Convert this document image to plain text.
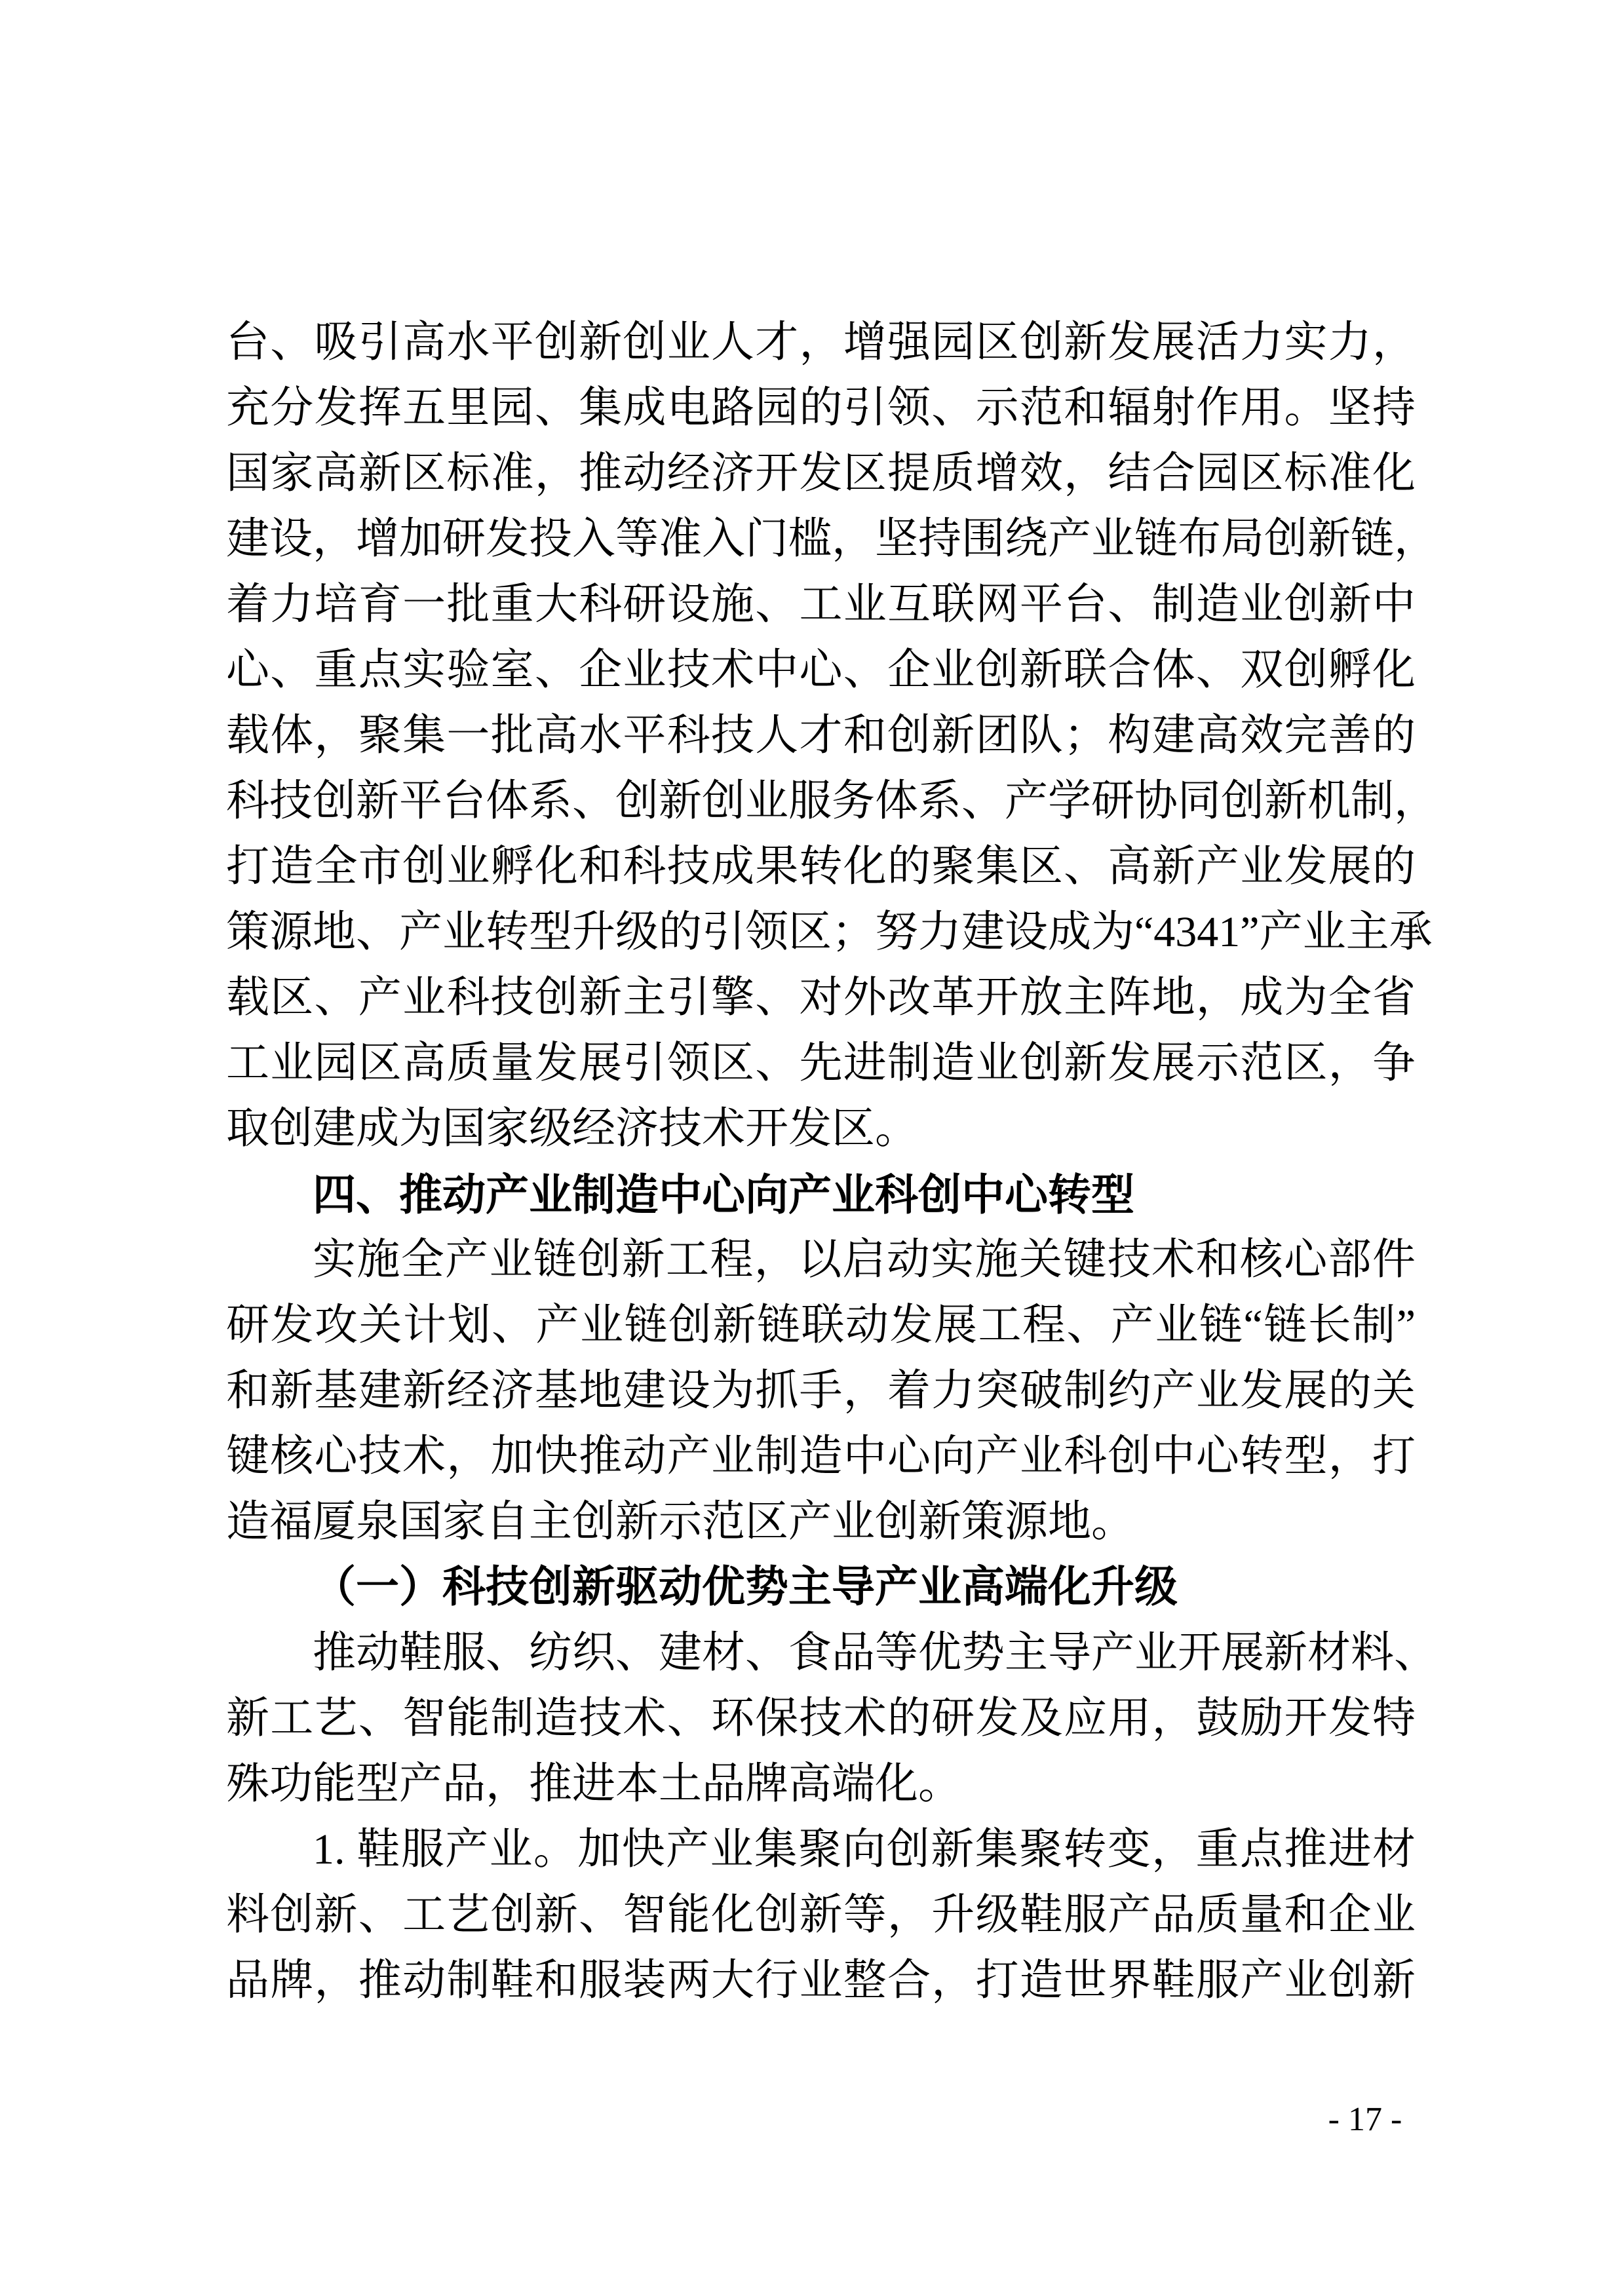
台、吸引高水平创新创业人才，增强园区创新发展活力实力，
充分发挥五里园、集成电路园的引领、示范和辐射作用。坚持
国家高新区标准，推动经济开发区提质增效，结合园区标准化
建设，增加研发投入等准入门槛，坚持围绕产业链布局创新链，
着力培育一批重大科研设施、工业互联网平台、制造业创新中
心、重点实验室、企业技术中心、企业创新联合体、双创孵化
载体，聚集一批高水平科技人才和创新团队；构建高效完善的
科技创新平台体系、创新创业服务体系、产学研协同创新机制，
打造全市创业孵化和科技成果转化的聚集区、高新产业发展的
策源地、产业转型升级的引领区；努力建设成为“4341”产业主承
载区、产业科技创新主引擎、对外改革开放主阵地，成为全省
工业园区高质量发展引领区、先进制造业创新发展示范区，争
取创建成为国家级经济技术开发区。
四、推动产业制造中心向产业科创中心转型
实施全产业链创新工程，以启动实施关键技术和核心部件
研发攻关计划、产业链创新链联动发展工程、产业链“链长制”
和新基建新经济基地建设为抓手，着力突破制约产业发展的关
键核心技术，加快推动产业制造中心向产业科创中心转型，打
造福厦泉国家自主创新示范区产业创新策源地。
（一）科技创新驱动优势主导产业高端化升级
推动鞋服、纺织、建材、食品等优势主导产业开展新材料、
新工艺、智能制造技术、环保技术的研发及应用，鼓励开发特
殊功能型产品，推进本土品牌高端化。
1. 鞋服产业。加快产业集聚向创新集聚转变，重点推进材
料创新、工艺创新、智能化创新等，升级鞋服产品质量和企业
品牌，推动制鞋和服装两大行业整合，打造世界鞋服产业创新
- 17 -
